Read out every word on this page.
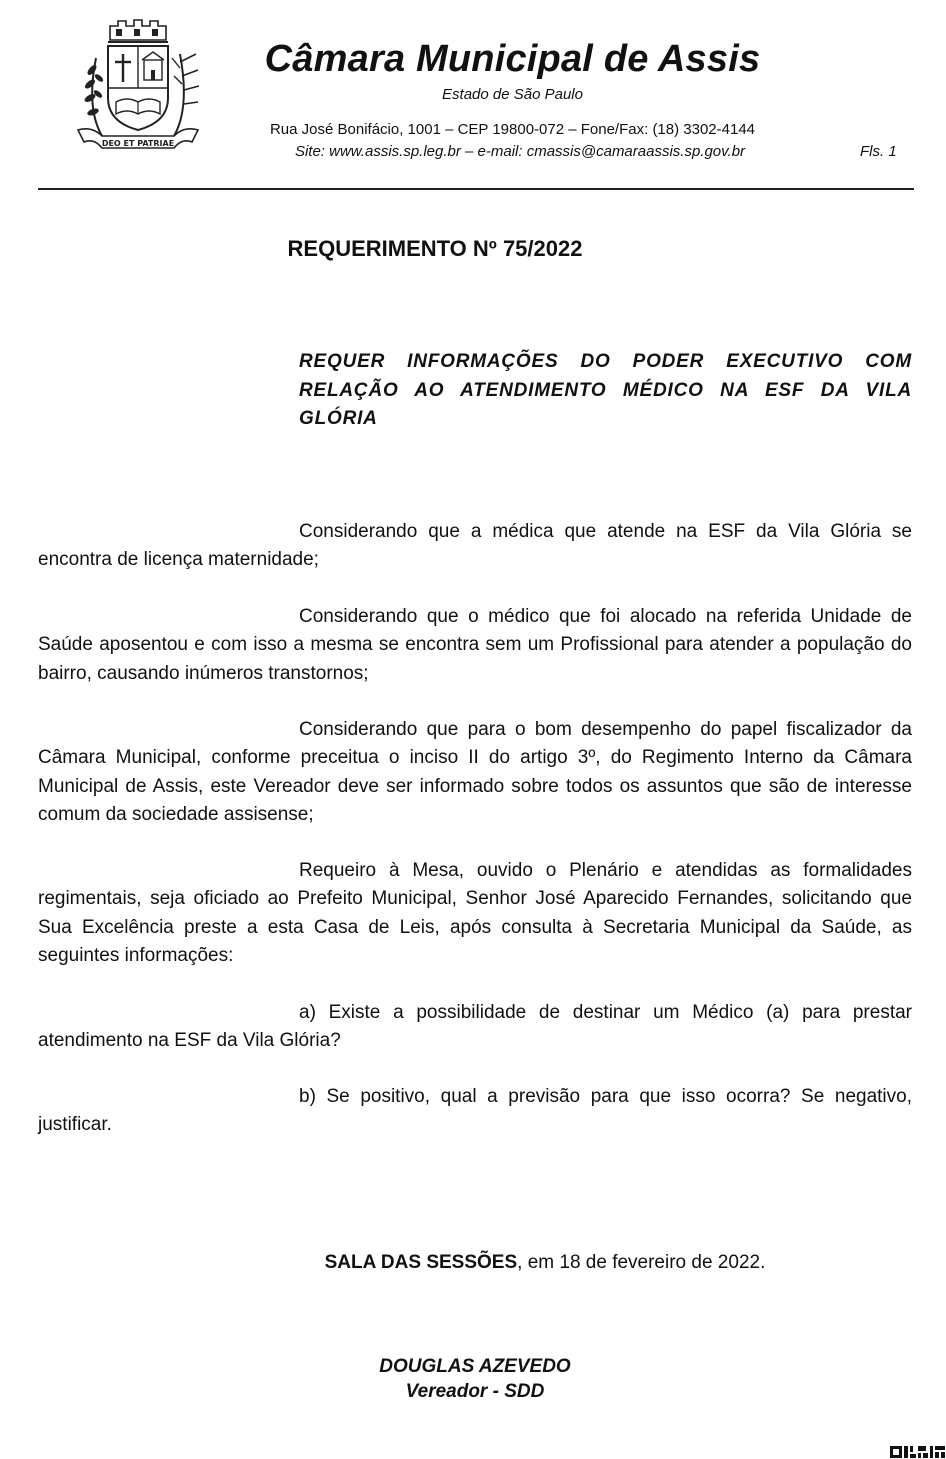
DEO ET PATRIAE
Câmara Municipal de Assis
Estado de São Paulo
Rua José Bonifácio, 1001 – CEP 19800-072 – Fone/Fax: (18) 3302-4144
Site: www.assis.sp.leg.br – e-mail: cmassis@camaraassis.sp.gov.br	Fls. 1
REQUERIMENTO Nº 75/2022
REQUER INFORMAÇÕES DO PODER EXECUTIVO COM RELAÇÃO AO ATENDIMENTO MÉDICO NA ESF DA VILA GLÓRIA

Considerando que a médica que atende na ESF da Vila Glória se encontra de licença maternidade;

Considerando que o médico que foi alocado na referida Unidade de Saúde aposentou e com isso a mesma se encontra sem um Profissional para atender a população do bairro, causando inúmeros transtornos;

Considerando que para o bom desempenho do papel fiscalizador da Câmara Municipal, conforme preceitua o inciso II do artigo 3º, do Regimento Interno da Câmara Municipal de Assis, este Vereador deve ser informado sobre todos os assuntos que são de interesse comum da sociedade assisense;

Requeiro à Mesa, ouvido o Plenário e atendidas as formalidades regimentais, seja oficiado ao Prefeito Municipal, Senhor José Aparecido Fernandes, solicitando que Sua Excelência preste a esta Casa de Leis, após consulta à Secretaria Municipal da Saúde, as seguintes informações:

a) Existe a possibilidade de destinar um Médico (a) para prestar atendimento na ESF da Vila Glória?

b) Se positivo, qual a previsão para que isso ocorra? Se negativo, justificar.

SALA DAS SESSÕES, em 18 de fevereiro de 2022.
DOUGLAS AZEVEDO
Vereador - SDD
